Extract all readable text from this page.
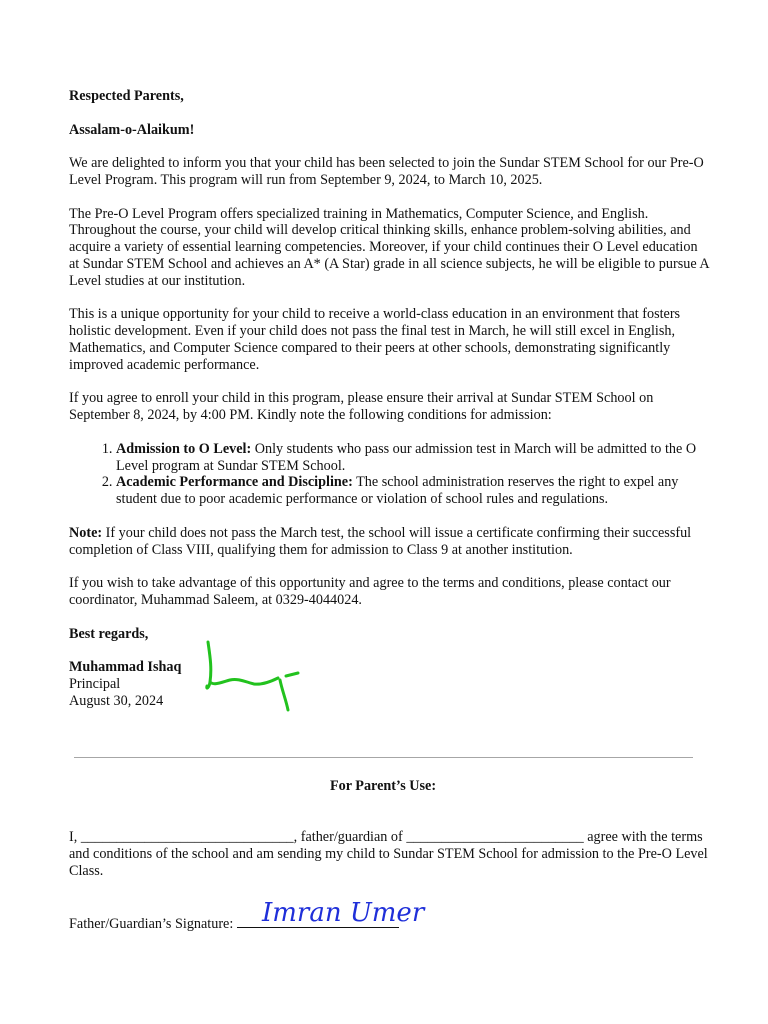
Respected Parents,

Assalam-o-Alaikum!

We are delighted to inform you that your child has been selected to join the Sundar STEM School for our Pre-O Level Program. This program will run from September 9, 2024, to March 10, 2025.

The Pre-O Level Program offers specialized training in Mathematics, Computer Science, and English. Throughout the course, your child will develop critical thinking skills, enhance problem-solving abilities, and acquire a variety of essential learning competencies. Moreover, if your child continues their O Level education at Sundar STEM School and achieves an A* (A Star) grade in all science subjects, he will be eligible to pursue A Level studies at our institution.

This is a unique opportunity for your child to receive a world-class education in an environment that fosters holistic development. Even if your child does not pass the final test in March, he will still excel in English, Mathematics, and Computer Science compared to their peers at other schools, demonstrating significantly improved academic performance.

If you agree to enroll your child in this program, please ensure their arrival at Sundar STEM School on September 8, 2024, by 4:00 PM. Kindly note the following conditions for admission:

1. Admission to O Level: Only students who pass our admission test in March will be admitted to the O Level program at Sundar STEM School.
2. Academic Performance and Discipline: The school administration reserves the right to expel any student due to poor academic performance or violation of school rules and regulations.

Note: If your child does not pass the March test, the school will issue a certificate confirming their successful completion of Class VIII, qualifying them for admission to Class 9 at another institution.

If you wish to take advantage of this opportunity and agree to the terms and conditions, please contact our coordinator, Muhammad Saleem, at 0329-4044024.

Best regards,

Muhammad Ishaq

Principal

August 30, 2024

For Parent’s Use:
I, ______________________________, father/guardian of _________________________ agree with the terms and conditions of the school and am sending my child to Sundar STEM School for admission to the Pre-O Level Class.
Father/Guardian’s Signature: Imran Umer
